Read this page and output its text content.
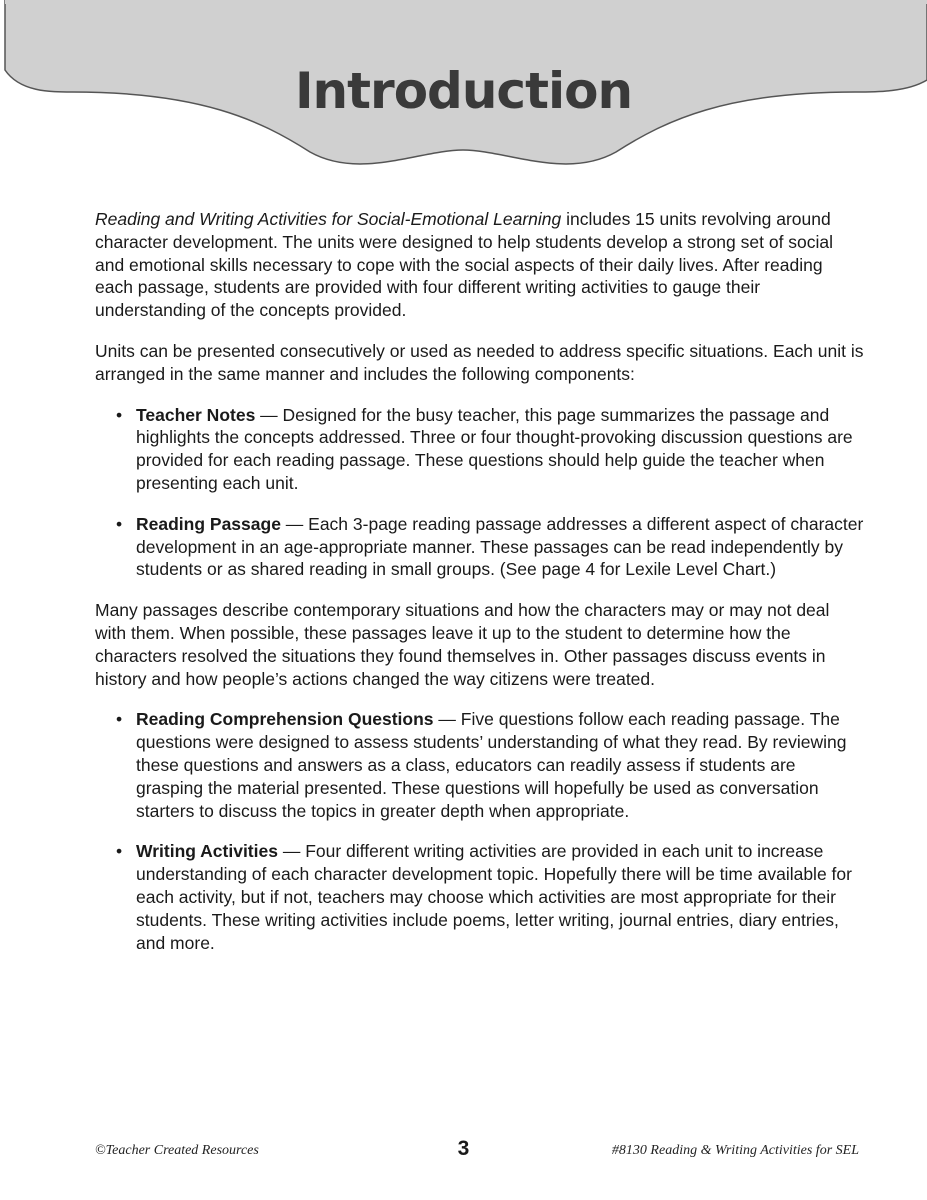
Introduction

Reading and Writing Activities for Social-Emotional Learning includes 15 units revolving around character development. The units were designed to help students develop a strong set of social and emotional skills necessary to cope with the social aspects of their daily lives. After reading each passage, students are provided with four different writing activities to gauge their understanding of the concepts provided.

Units can be presented consecutively or used as needed to address specific situations. Each unit is arranged in the same manner and includes the following components:

• Teacher Notes — Designed for the busy teacher, this page summarizes the passage and highlights the concepts addressed. Three or four thought-provoking discussion questions are provided for each reading passage. These questions should help guide the teacher when presenting each unit.
• Reading Passage — Each 3-page reading passage addresses a different aspect of character development in an age-appropriate manner. These passages can be read independently by students or as shared reading in small groups. (See page 4 for Lexile Level Chart.)

Many passages describe contemporary situations and how the characters may or may not deal with them. When possible, these passages leave it up to the student to determine how the characters resolved the situations they found themselves in. Other passages discuss events in history and how people’s actions changed the way citizens were treated.

• Reading Comprehension Questions — Five questions follow each reading passage. The questions were designed to assess students’ understanding of what they read. By reviewing these questions and answers as a class, educators can readily assess if students are grasping the material presented. These questions will hopefully be used as conversation starters to discuss the topics in greater depth when appropriate.
• Writing Activities — Four different writing activities are provided in each unit to increase understanding of each character development topic. Hopefully there will be time available for each activity, but if not, teachers may choose which activities are most appropriate for their students. These writing activities include poems, letter writing, journal entries, diary entries, and more.
©Teacher Created Resources	3	#8130 Reading & Writing Activities for SEL
